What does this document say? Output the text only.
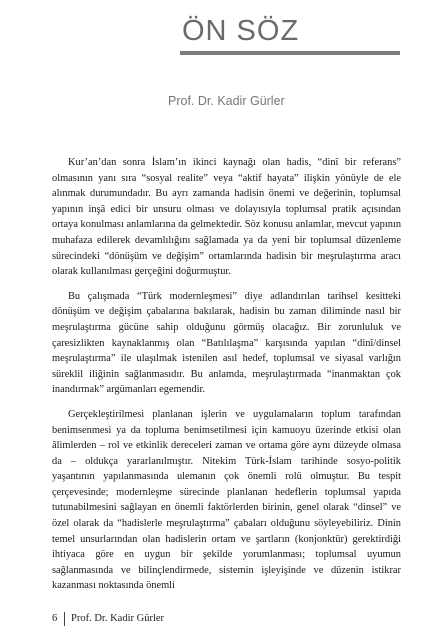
ÖN SÖZ
Prof. Dr. Kadir Gürler

Kur’an’dan sonra İslam’ın ikinci kaynağı olan hadis, “dinî bir referans” olmasının yanı sıra “sosyal realite” veya “aktif hayata” ilişkin yönüyle de ele alınmak durumundadır. Bu ayrı zamanda hadisin önemi ve değerinin, toplumsal yapının inşâ edici bir unsuru olması ve dolayısıyla toplumsal pratik açısından ortaya konulması anlamlarına da gelmektedir. Söz konusu anlamlar, mevcut yapının muhafaza edilerek devamlılığını sağlamada ya da yeni bir toplumsal düzenleme sürecindeki “dönüşüm ve değişim” ortamlarında hadisin bir meşrulaştırma aracı olarak kullanılması gerçeğini doğurmuştur.

Bu çalışmada “Türk modernleşmesi” diye adlandırılan tarihsel kesitteki dönüşüm ve değişim çabalarına bakılarak, hadisin bu zaman diliminde nasıl bir meşrulaştırma gücüne sahip olduğunu görmüş olacağız. Bir zorunluluk ve çaresizlikten kaynaklanmış olan “Batılılaşma” karşısında yapılan “dinî/dinsel meşrulaştırma” ile ulaşılmak istenilen asıl hedef, toplumsal ve siyasal varlığın süreklil iliğinin sağlanmasıdır. Bu anlamda, meşrulaştırmada “inanmaktan çok inandırmak” argümanları egemendir.

Gerçekleştirilmesi planlanan işlerin ve uygulamaların toplum tarafından benimsenmesi ya da topluma benimsetilmesi için kamuoyu üzerinde etkisi olan âlimlerden – rol ve etkinlik dereceleri zaman ve ortama göre aynı düzeyde olmasa da – oldukça yararlanılmıştır. Nitekim Türk-İslam tarihinde sosyo-politik yaşantının yapılanmasında ulemanın çok önemli rolü olmuştur. Bu tespit çerçevesinde; modernleşme sürecinde planlanan hedeflerin toplumsal yapıda tutunabilmesini sağlayan en önemli faktörlerden birinin, genel olarak “dinsel” ve özel olarak da “hadislerle meşrulaştırma” çabaları olduğunu söyleyebiliriz. Dinin temel unsurlarından olan hadislerin ortam ve şartların (konjonktür) gerektirdiği ihtiyaca göre en uygun bir şekilde yorumlanması; toplumsal uyumun sağlanmasında ve bilinçlendirmede, sistemin işleyişinde ve düzenin istikrar kazanması noktasında önemli

6 Prof. Dr. Kadir Gürler
